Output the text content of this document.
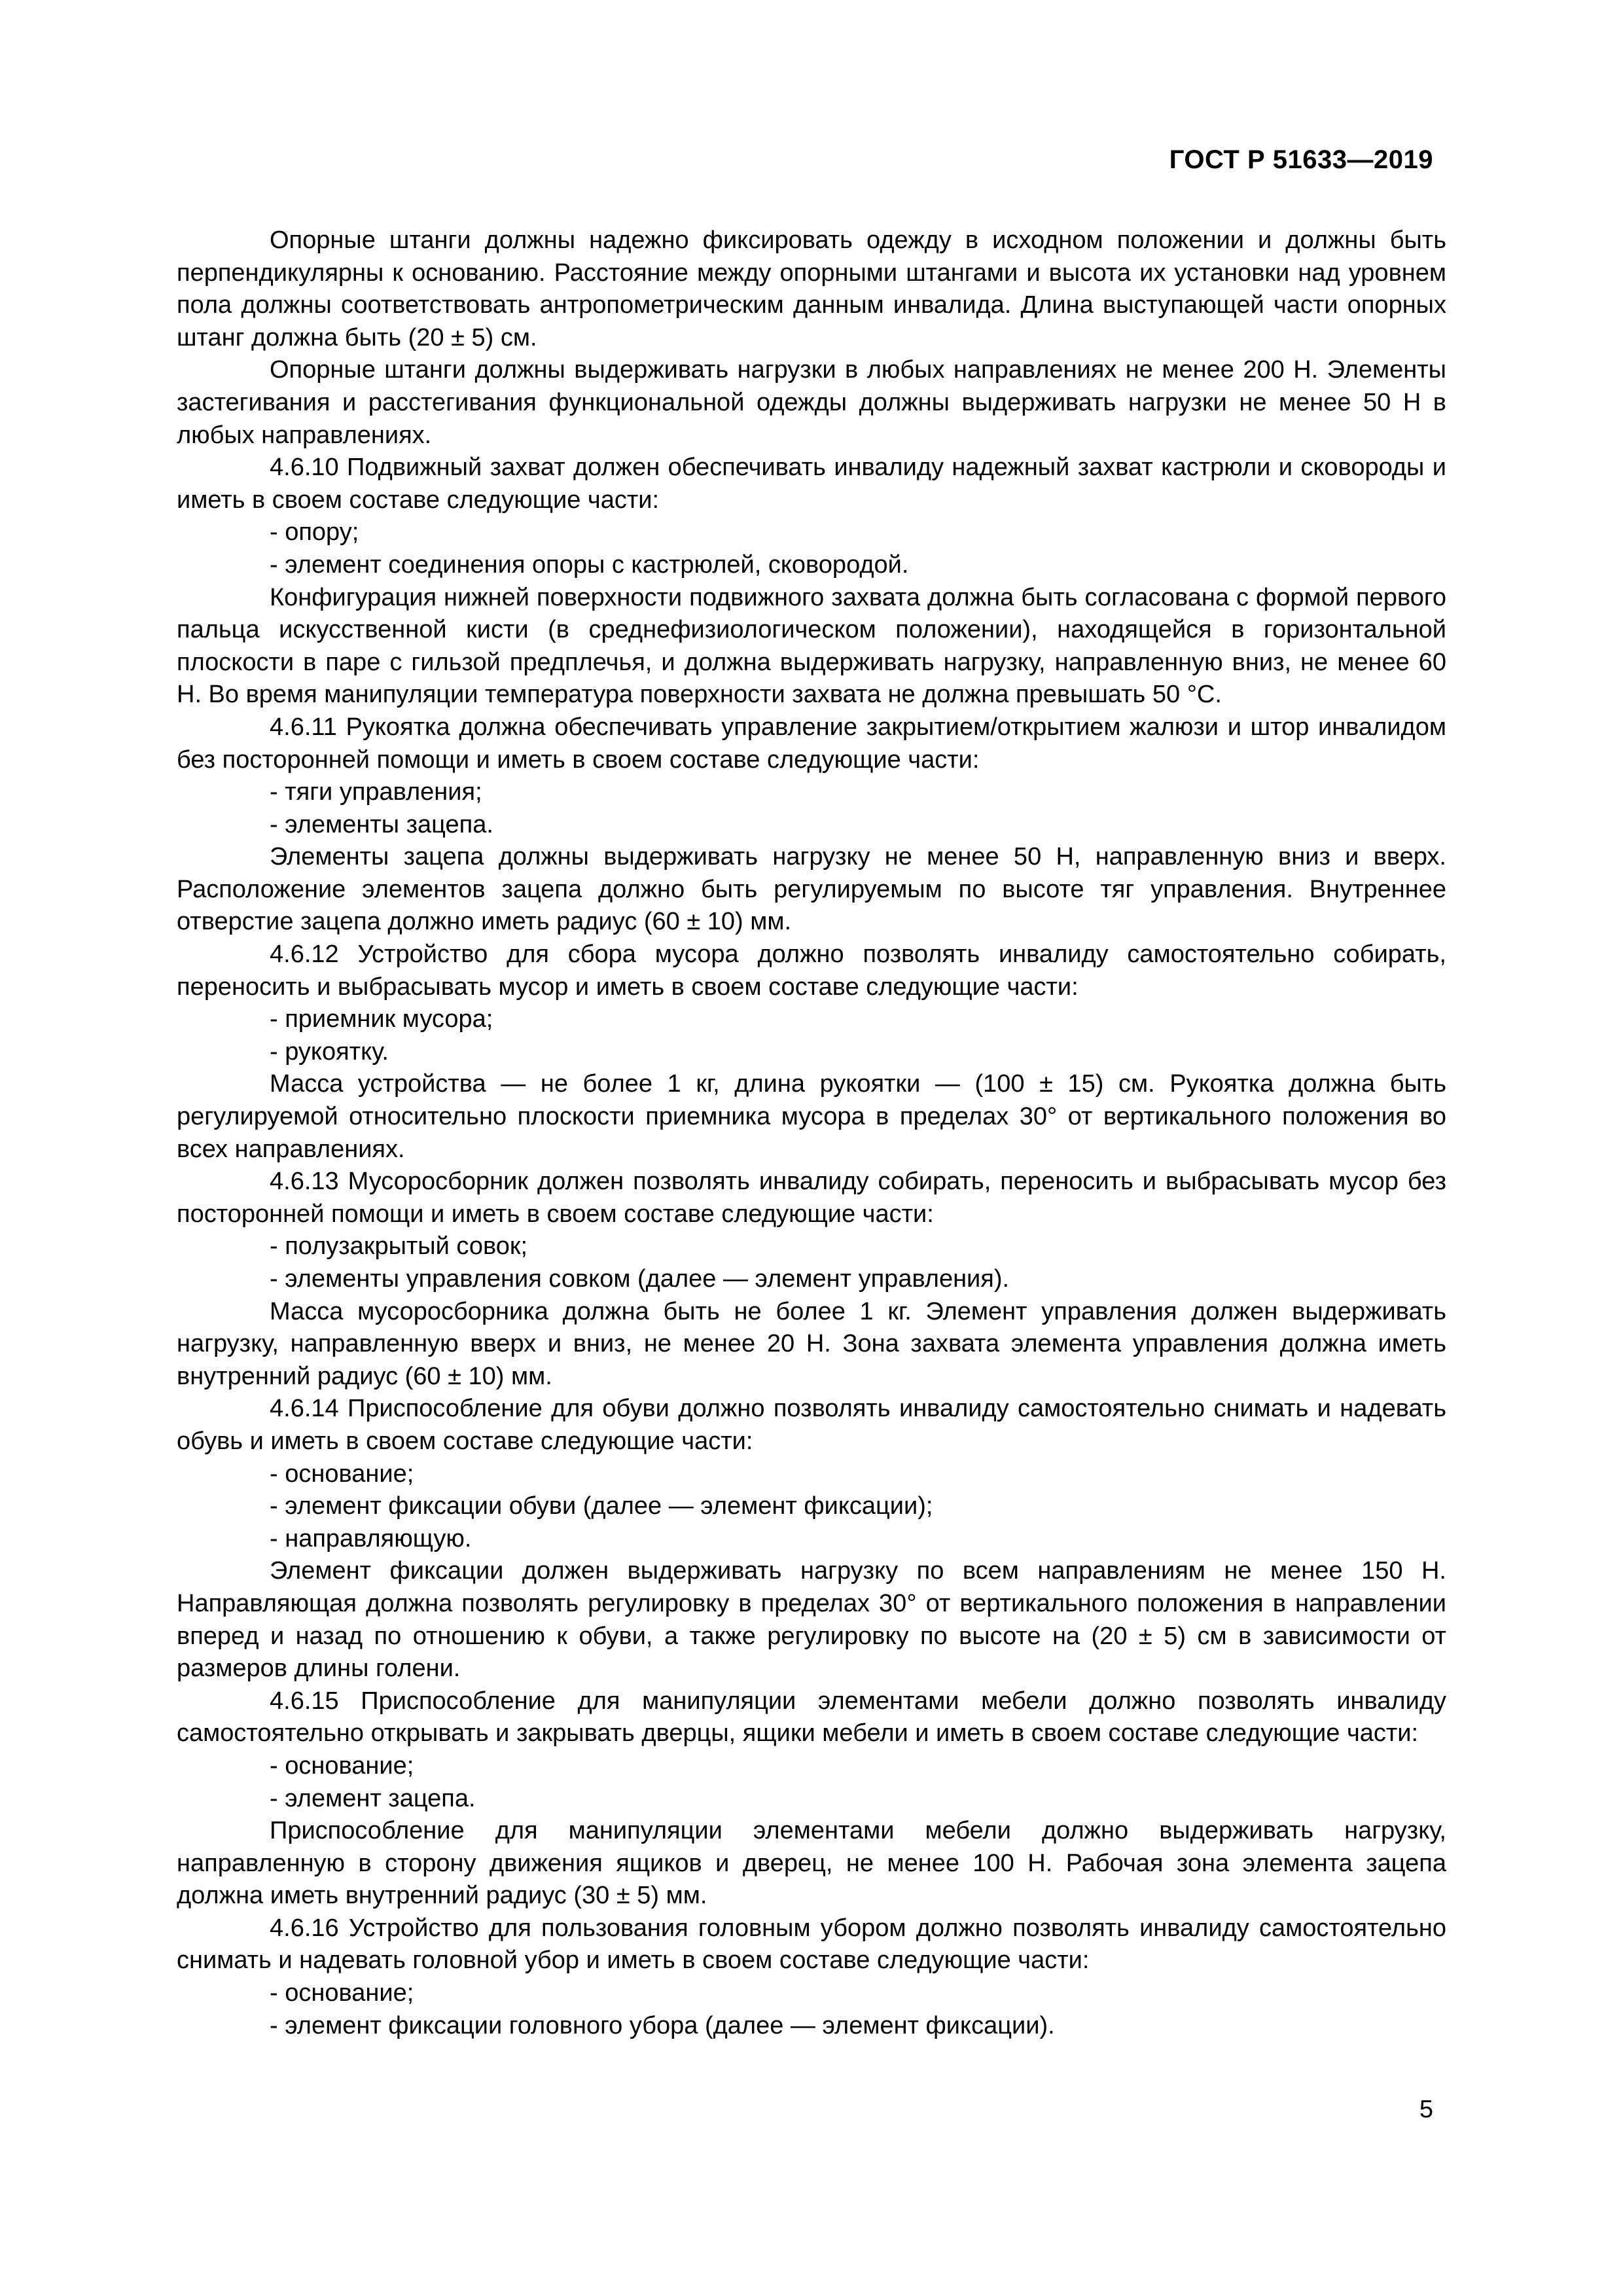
ГОСТ Р 51633—2019

Опорные штанги должны надежно фиксировать одежду в исходном положении и должны быть перпендикулярны к основанию. Расстояние между опорными штангами и высота их установки над уровнем пола должны соответствовать антропометрическим данным инвалида. Длина выступающей части опорных штанг должна быть (20 ± 5) см.

Опорные штанги должны выдерживать нагрузки в любых направлениях не менее 200 Н. Элементы застегивания и расстегивания функциональной одежды должны выдерживать нагрузки не менее 50 Н в любых направлениях.

4.6.10 Подвижный захват должен обеспечивать инвалиду надежный захват кастрюли и сковороды и иметь в своем составе следующие части:

- опору;

- элемент соединения опоры с кастрюлей, сковородой.

Конфигурация нижней поверхности подвижного захвата должна быть согласована с формой первого пальца искусственной кисти (в среднефизиологическом положении), находящейся в горизонтальной плоскости в паре с гильзой предплечья, и должна выдерживать нагрузку, направленную вниз, не менее 60 Н. Во время манипуляции температура поверхности захвата не должна превышать 50 °С.

4.6.11 Рукоятка должна обеспечивать управление закрытием/открытием жалюзи и штор инвалидом без посторонней помощи и иметь в своем составе следующие части:

- тяги управления;

- элементы зацепа.

Элементы зацепа должны выдерживать нагрузку не менее 50 Н, направленную вниз и вверх. Расположение элементов зацепа должно быть регулируемым по высоте тяг управления. Внутреннее отверстие зацепа должно иметь радиус (60 ± 10) мм.

4.6.12 Устройство для сбора мусора должно позволять инвалиду самостоятельно собирать, переносить и выбрасывать мусор и иметь в своем составе следующие части:

- приемник мусора;

- рукоятку.

Масса устройства — не более 1 кг, длина рукоятки — (100 ± 15) см. Рукоятка должна быть регулируемой относительно плоскости приемника мусора в пределах 30° от вертикального положения во всех направлениях.

4.6.13 Мусоросборник должен позволять инвалиду собирать, переносить и выбрасывать мусор без посторонней помощи и иметь в своем составе следующие части:

- полузакрытый совок;

- элементы управления совком (далее — элемент управления).

Масса мусоросборника должна быть не более 1 кг. Элемент управления должен выдерживать нагрузку, направленную вверх и вниз, не менее 20 Н. Зона захвата элемента управления должна иметь внутренний радиус (60 ± 10) мм.

4.6.14 Приспособление для обуви должно позволять инвалиду самостоятельно снимать и надевать обувь и иметь в своем составе следующие части:

- основание;

- элемент фиксации обуви (далее — элемент фиксации);

- направляющую.

Элемент фиксации должен выдерживать нагрузку по всем направлениям не менее 150 Н. Направляющая должна позволять регулировку в пределах 30° от вертикального положения в направлении вперед и назад по отношению к обуви, а также регулировку по высоте на (20 ± 5) см в зависимости от размеров длины голени.

4.6.15 Приспособление для манипуляции элементами мебели должно позволять инвалиду самостоятельно открывать и закрывать дверцы, ящики мебели и иметь в своем составе следующие части:

- основание;

- элемент зацепа.

Приспособление для манипуляции элементами мебели должно выдерживать нагрузку, направленную в сторону движения ящиков и дверец, не менее 100 Н. Рабочая зона элемента зацепа должна иметь внутренний радиус (30 ± 5) мм.

4.6.16 Устройство для пользования головным убором должно позволять инвалиду самостоятельно снимать и надевать головной убор и иметь в своем составе следующие части:

- основание;

- элемент фиксации головного убора (далее — элемент фиксации).

5
